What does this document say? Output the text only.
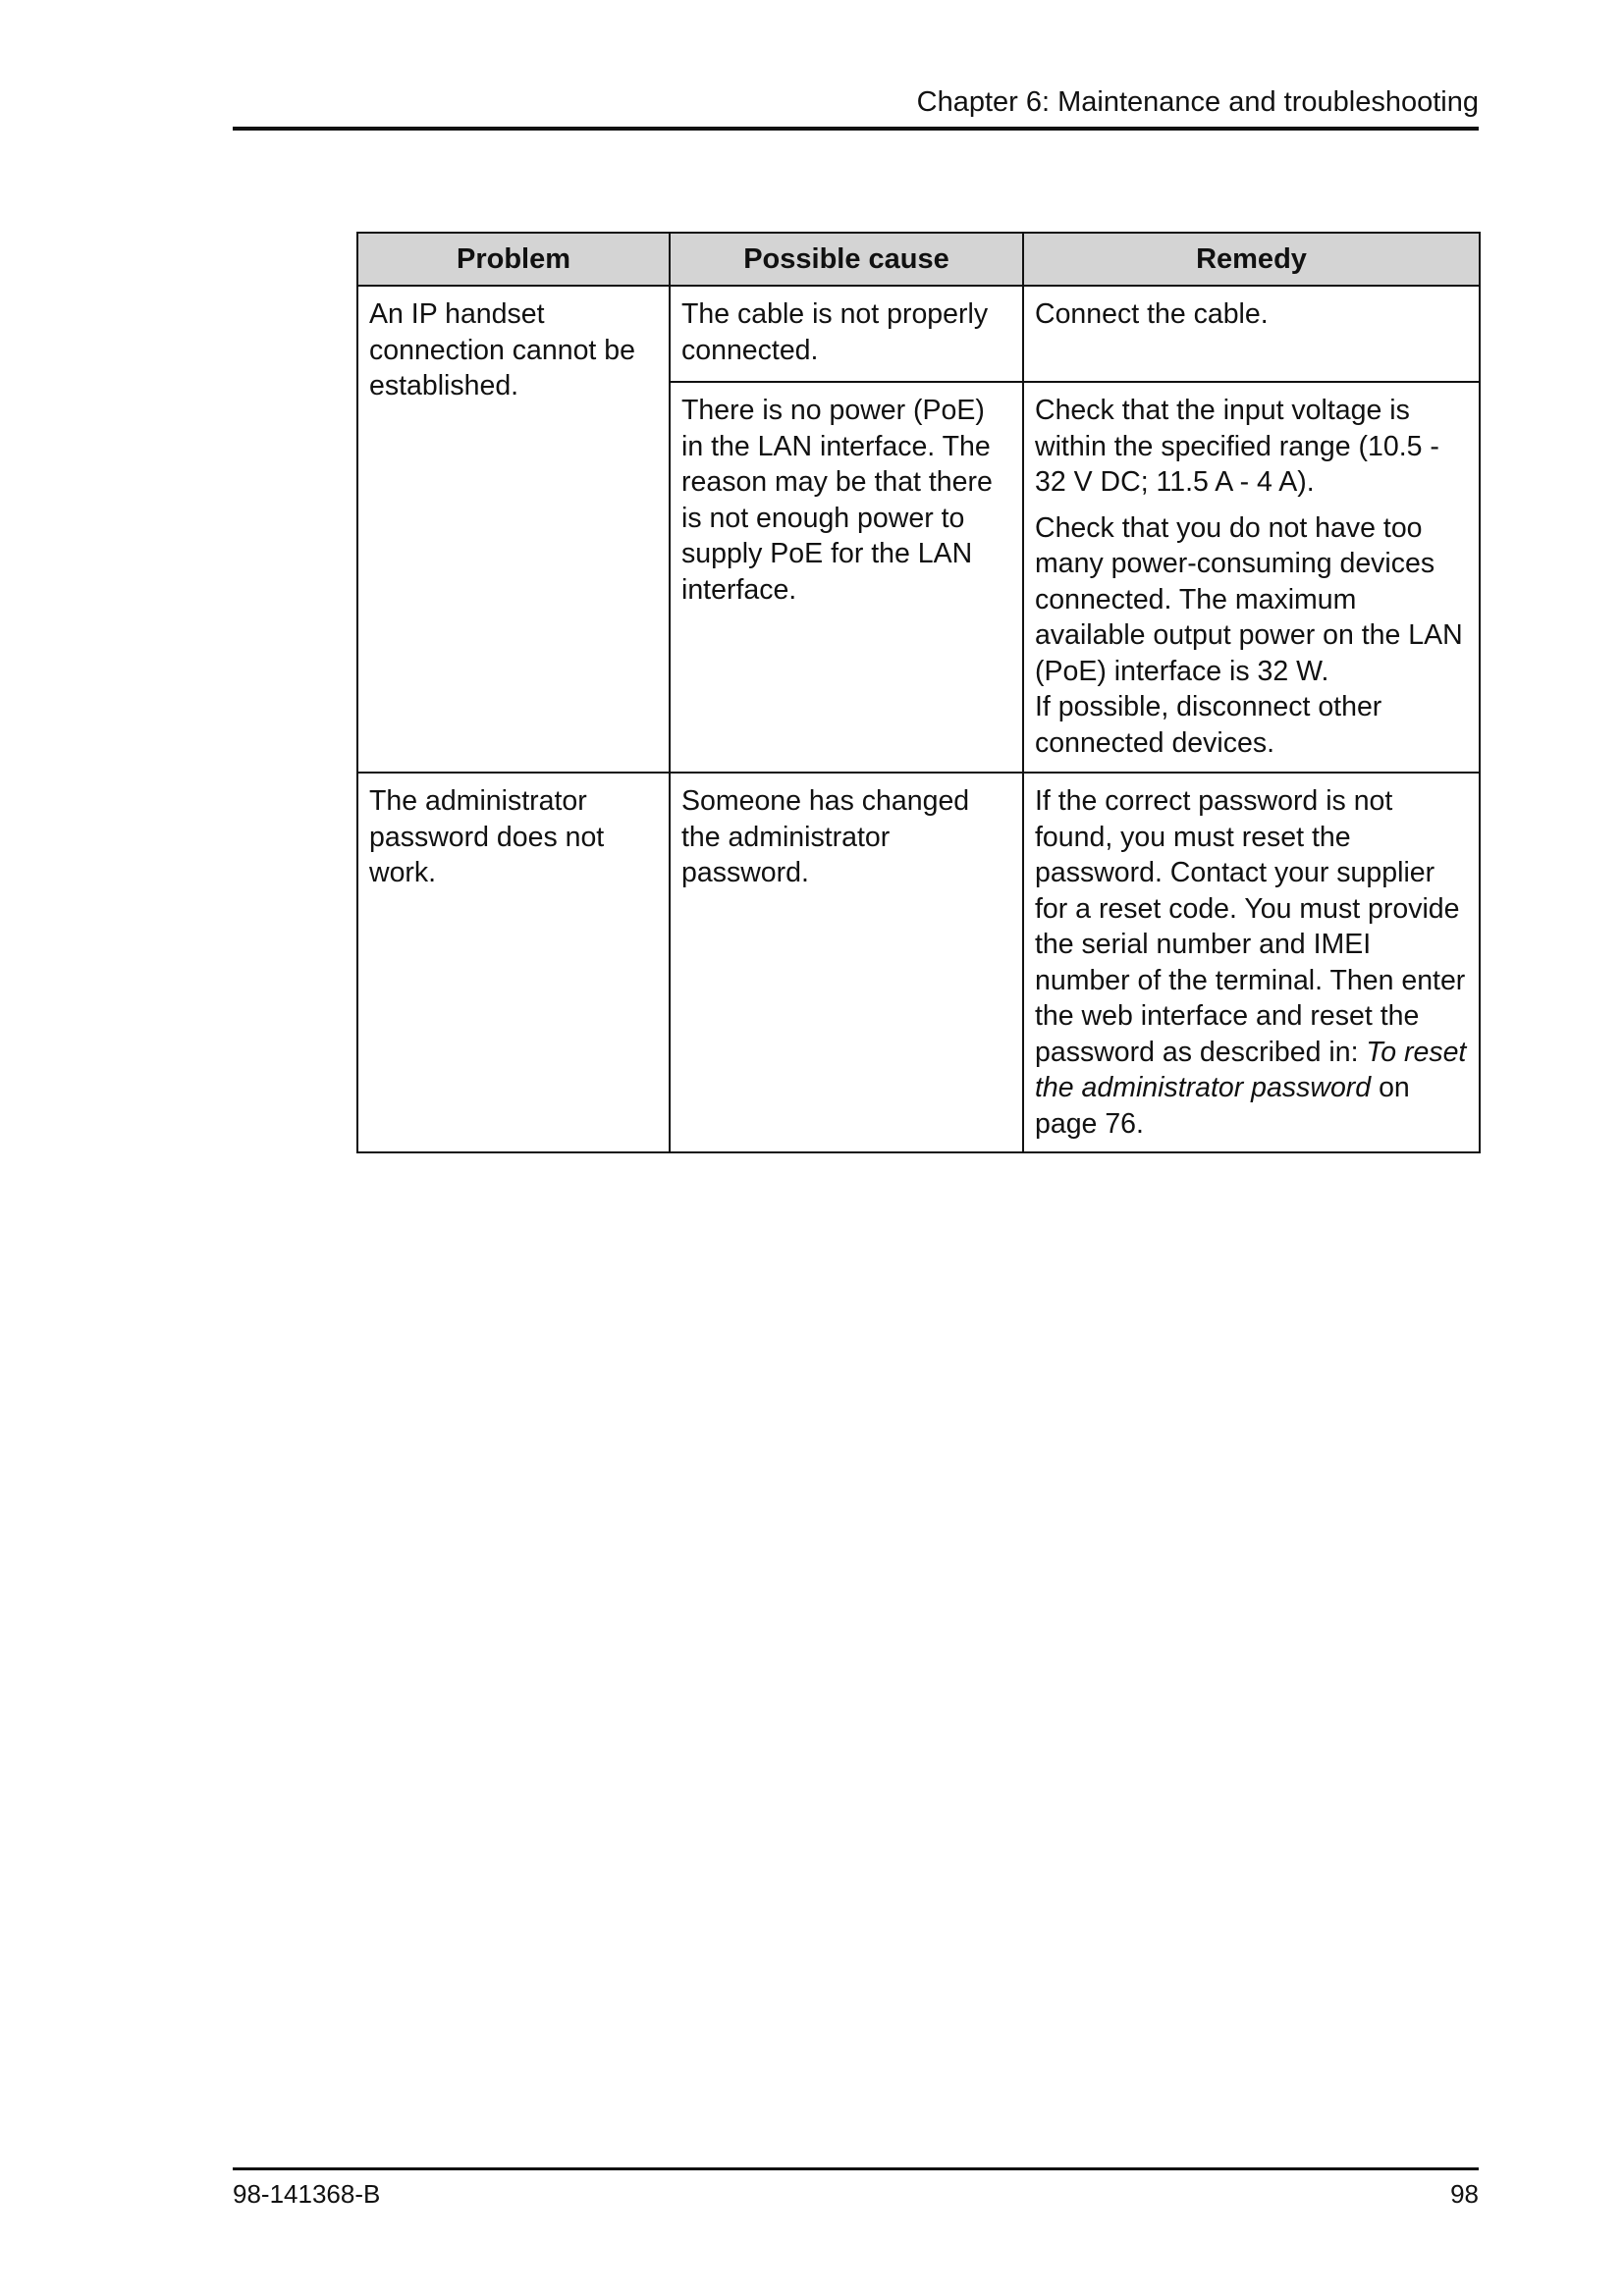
Chapter 6: Maintenance and troubleshooting
Problem	Possible cause	Remedy
An IP handset connection cannot be established.	The cable is not properly connected.	Connect the cable.
	There is no power (PoE) in the LAN interface. The reason may be that there is not enough power to supply PoE for the LAN interface.	Check that the input voltage is within the specified range (10.5 - 32 V DC; 11.5 A - 4 A).
Check that you do not have too many power-consuming devices connected. The maximum available output power on the LAN (PoE) interface is 32 W.
If possible, disconnect other connected devices.

The administrator password does not work.	Someone has changed the administrator password.	If the correct password is not found, you must reset the password. Contact your supplier for a reset code. You must provide the serial number and IMEI number of the terminal. Then enter the web interface and reset the password as described in: To reset the administrator password on page 76.
98-141368-B	98
